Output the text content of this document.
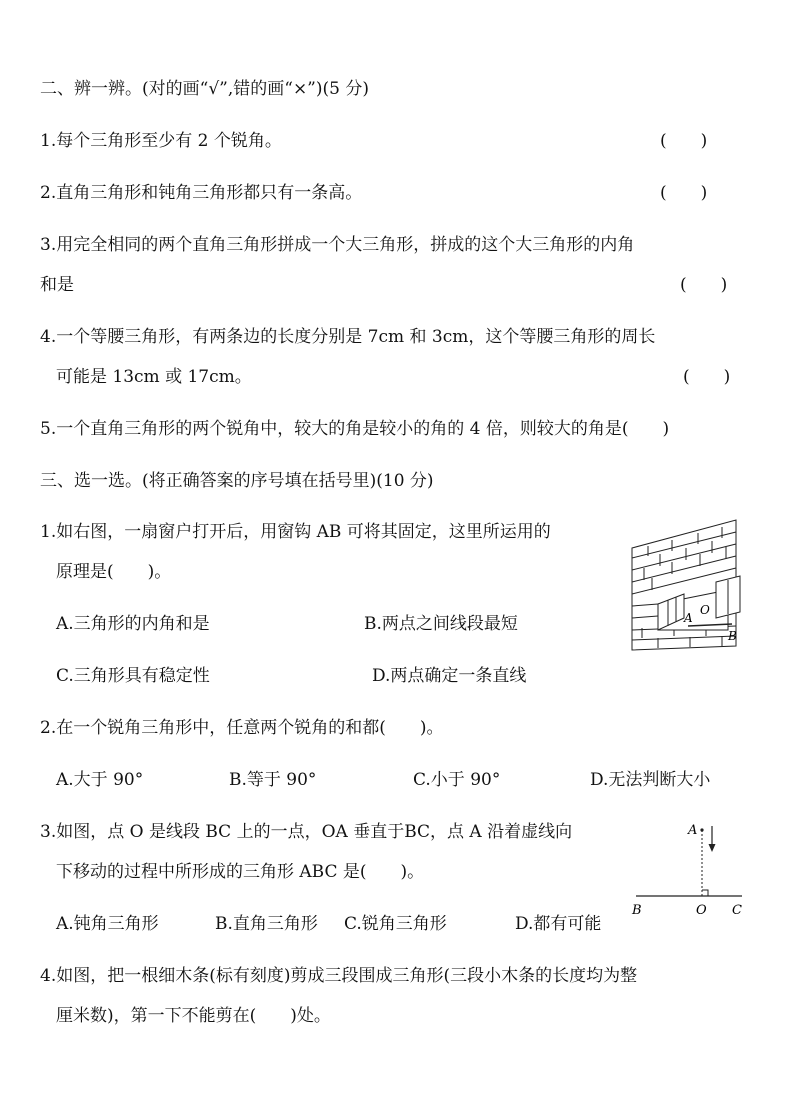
二、辨一辨。(对的画“√”,错的画“×”)(5 分)
1.每个三角形至少有 2 个锐角。	(　　)
2.直角三角形和钝角三角形都只有一条高。	(　　)
3.用完全相同的两个直角三角形拼成一个大三角形，拼成的这个大三角形的内角
和是	(　　)
4.一个等腰三角形，有两条边的长度分别是 7cm 和 3cm，这个等腰三角形的周长
可能是 13cm 或 17cm。	(　　)
5.一个直角三角形的两个锐角中，较大的角是较小的角的 4 倍，则较大的角是(　　)
三、选一选。(将正确答案的序号填在括号里)(10 分)
1.如右图，一扇窗户打开后，用窗钩 AB 可将其固定，这里所运用的
原理是(　　)。
A
O
B
A.三角形的内角和是	B.两点之间线段最短
C.三角形具有稳定性	D.两点确定一条直线
2.在一个锐角三角形中，任意两个锐角的和都(　　)。
A.大于 90°	B.等于 90°	C.小于 90°	D.无法判断大小
3.如图，点 O 是线段 BC 上的一点，OA 垂直于BC，点 A 沿着虚线向
下移动的过程中所形成的三角形 ABC 是(　　)。
A
B	O C
A.钝角三角形	B.直角三角形 C.锐角三角形	D.都有可能
4.如图，把一根细木条(标有刻度)剪成三段围成三角形(三段小木条的长度均为整
厘米数)，第一下不能剪在(　　)处。
